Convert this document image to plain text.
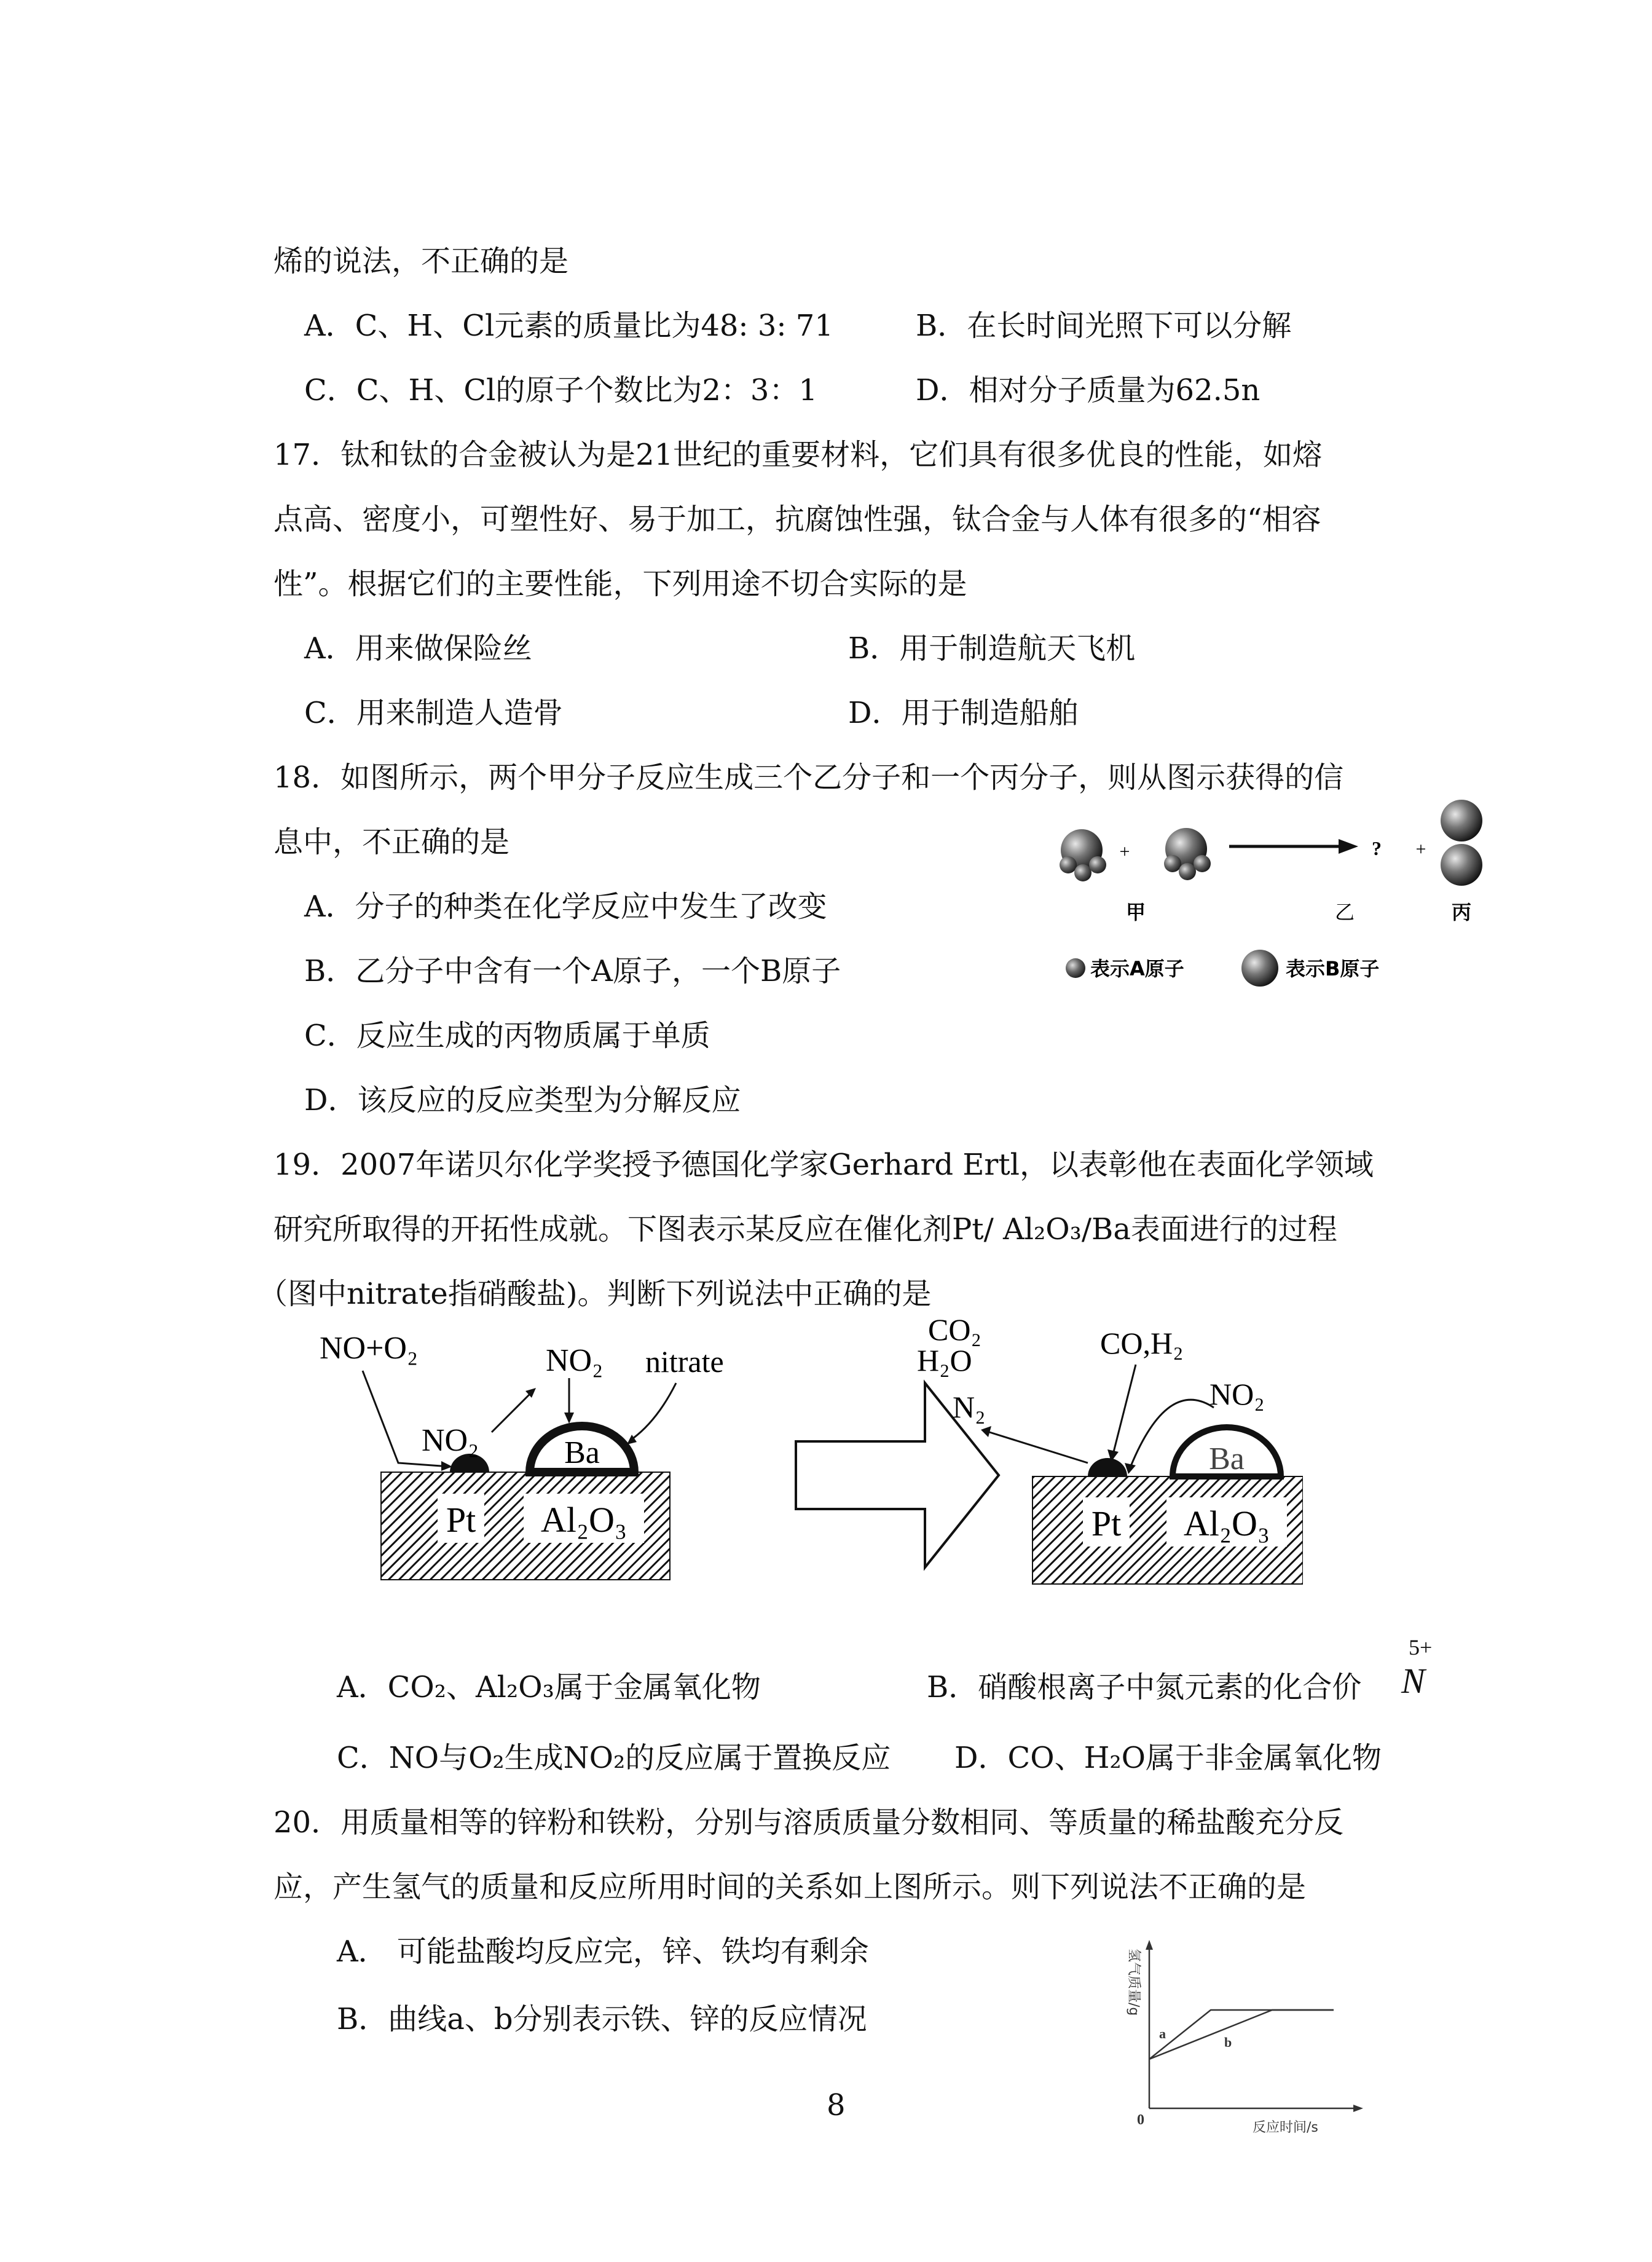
烯的说法，不正确的是
A．C、H、Cl元素的质量比为48: 3: 71	B．在长时间光照下可以分解
C．C、H、Cl的原子个数比为2：3：1	D．相对分子质量为62.5n
17．钛和钛的合金被认为是21世纪的重要材料，它们具有很多优良的性能，如熔
点高、密度小，可塑性好、易于加工，抗腐蚀性强，钛合金与人体有很多的“相容
性”。根据它们的主要性能，下列用途不切合实际的是
A．用来做保险丝	B．用于制造航天飞机
C．用来制造人造骨	D．用于制造船舶
18．如图所示，两个甲分子反应生成三个乙分子和一个丙分子，则从图示获得的信
息中，不正确的是
A．分子的种类在化学反应中发生了改变
B．乙分子中含有一个A原子，一个B原子
C．反应生成的丙物质属于单质
D．该反应的反应类型为分解反应
+	? +
甲	乙	丙
表示A原子	表示B原子
19．2007年诺贝尔化学奖授予德国化学家Gerhard Ertl，以表彰他在表面化学领域
研究所取得的开拓性成就。下图表示某反应在催化剂Pt/ Al₂O₃/Ba表面进行的过程
（图中nitrate指硝酸盐)。判断下列说法中正确的是
Pt Al₂O₃
Ba
NO+O₂
NO₂
NO₂ nitrate
Pt Al₂O₃
Ba
CO₂
H₂O
N₂
CO,H₂
NO₂
A．CO₂、Al₂O₃属于金属氧化物	B．硝酸根离子中氮元素的化合价
5+
N
C．NO与O₂生成NO₂的反应属于置换反应 D．CO、H₂O属于非金属氧化物
20．用质量相等的锌粉和铁粉，分别与溶质质量分数相同、等质量的稀盐酸充分反
应，产生氢气的质量和反应所用时间的关系如上图所示。则下列说法不正确的是
A． 可能盐酸均反应完，锌、铁均有剩余
B．曲线a、b分别表示铁、锌的反应情况
氢气质量/g
反应时间/s
0
a
b
8
